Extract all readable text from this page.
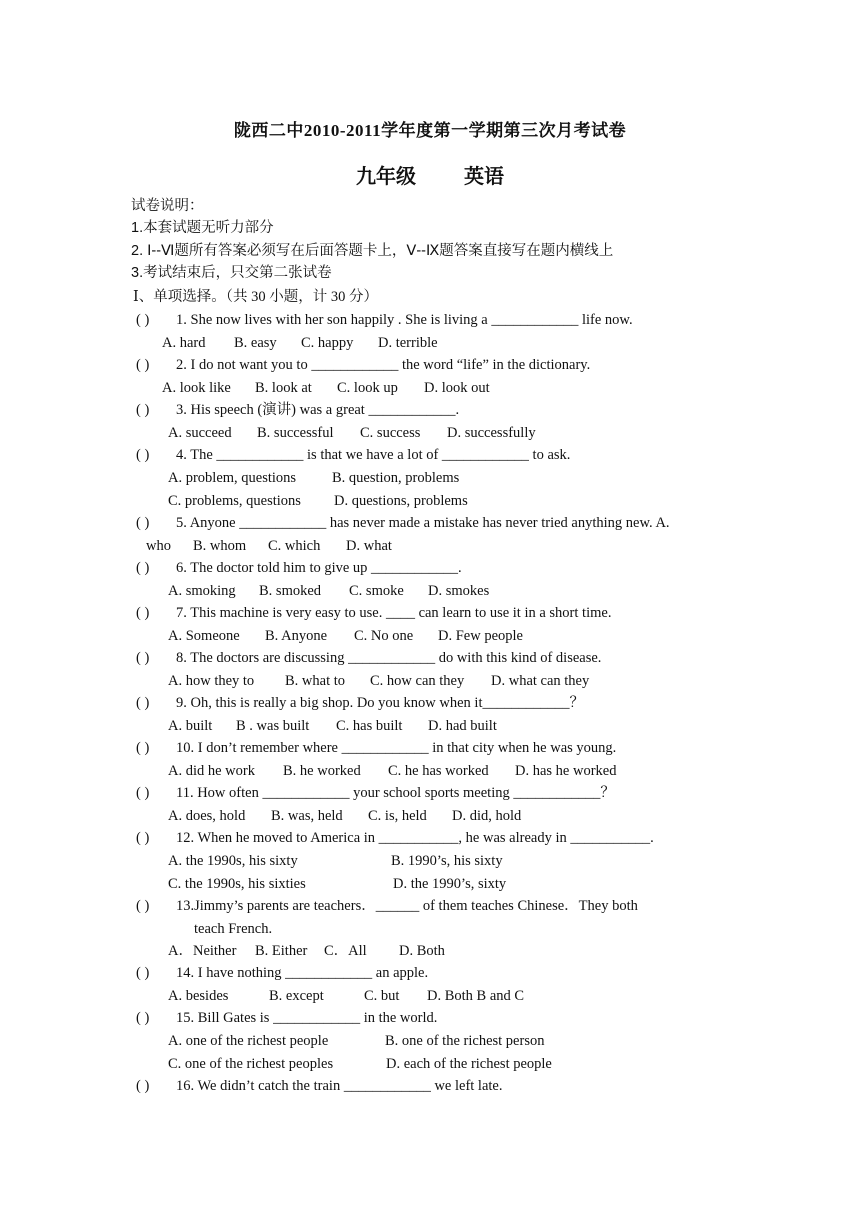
陇西二中2010-2011学年度第一学期第三次月考试卷
九年级 英语
试卷说明：
1.本套试题无听力部分
2. Ⅰ--Ⅵ题所有答案必须写在后面答题卡上，Ⅴ--Ⅸ题答案直接写在题内横线上
3.考试结束后，只交第二张试卷
Ⅰ、单项选择。（共 30 小题，计 30 分）
( ) 1. She now lives with her son happily . She is living a ____________ life now.
A. hard B. easy C. happy D. terrible
( ) 2. I do not want you to ____________ the word “life” in the dictionary.
A. look like B. look at C. look up D. look out
( ) 3. His speech (演讲) was a great ____________.
A. succeed B. successful C. success D. successfully
( ) 4. The ____________ is that we have a lot of ____________ to ask.
A. problem, questions B. question, problems
C. problems, questions D. questions, problems
( ) 5. Anyone ____________ has never made a mistake has never tried anything new. A.
who B. whom C. which D. what
( ) 6. The doctor told him to give up ____________.
A. smoking B. smoked C. smoke D. smokes
( ) 7. This machine is very easy to use. ____ can learn to use it in a short time.
A. Someone B. Anyone C. No one D. Few people
( ) 8. The doctors are discussing ____________ do with this kind of disease.
A. how they to B. what to C. how can they D. what can they
( ) 9. Oh, this is really a big shop. Do you know when it____________？
A. built B . was built C. has built D. had built
( ) 10. I don’t remember where ____________ in that city when he was young.
A. did he work B. he worked C. he has worked D. has he worked
( ) 11. How often ____________ your school sports meeting ____________？
A. does, hold B. was, held C. is, held D. did, hold
( ) 12. When he moved to America in ___________, he was already in ___________.
A. the 1990s, his sixty	B. 1990’s, his sixty
C. the 1990s, his sixties	D. the 1990’s, sixty
( ) 13.Jimmy’s parents are teachers．______ of them teaches Chinese．They both
teach French.
A．Neither B. Either C．All D. Both
( ) 14. I have nothing ____________ an apple.
A. besides	B. except	C. but D. Both B and C
( ) 15. Bill Gates is ____________ in the world.
A. one of the richest people	B. one of the richest person
C. one of the richest peoples	D. each of the richest people
( ) 16. We didn’t catch the train ____________ we left late.
